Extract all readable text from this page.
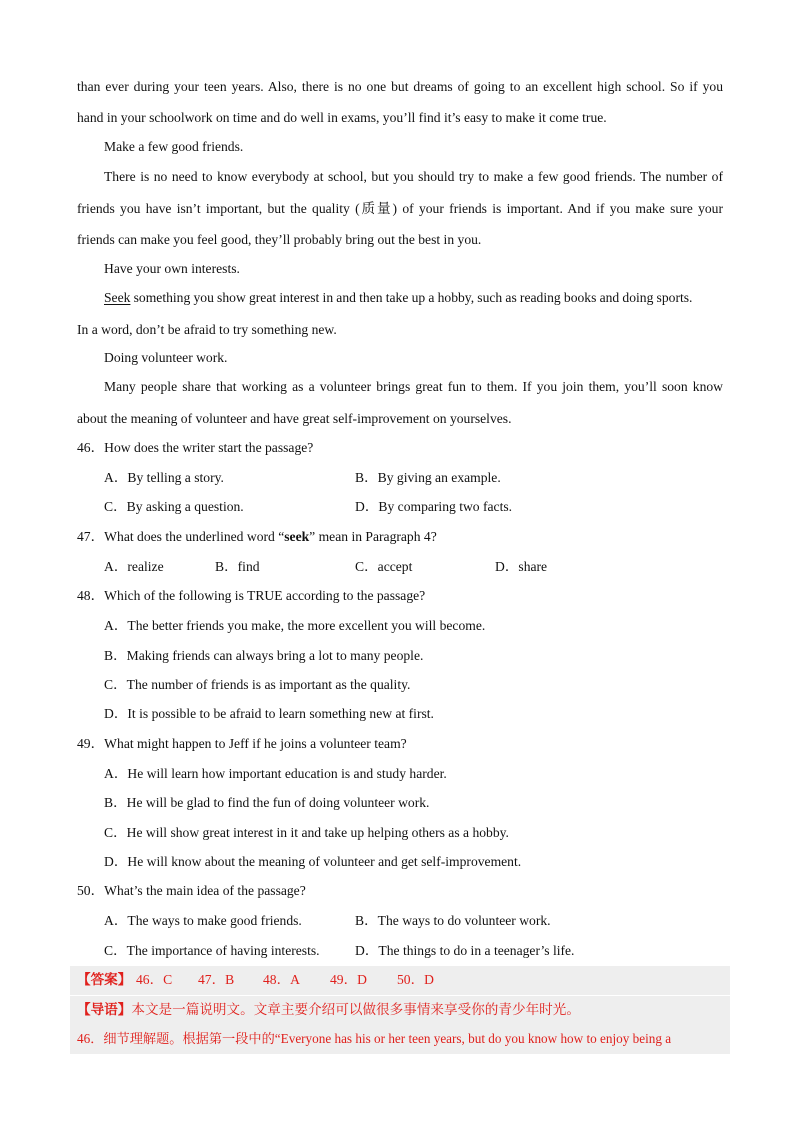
than ever during your teen years. Also, there is no one but dreams of going to an excellent high school. So if you
hand in your schoolwork on time and do well in exams, you’ll find it’s easy to make it come true.
Make a few good friends.
There is no need to know everybody at school, but you should try to make a few good friends. The number of
friends you have isn’t important, but the quality (质量) of your friends is important. And if you make sure your
friends can make you feel good, they’ll probably bring out the best in you.
Have your own interests.
Seek something you show great interest in and then take up a hobby, such as reading books and doing sports.
In a word, don’t be afraid to try something new.
Doing volunteer work.
Many people share that working as a volunteer brings great fun to them. If you join them, you’ll soon know
about the meaning of volunteer and have great self-improvement on yourselves.
46．How does the writer start the passage?
A．By telling a story.	B．By giving an example.
C．By asking a question.	D．By comparing two facts.
47．What does the underlined word “seek” mean in Paragraph 4?
A．realize	B．find	C．accept	D．share
48．Which of the following is TRUE according to the passage?
A．The better friends you make, the more excellent you will become.
B．Making friends can always bring a lot to many people.
C．The number of friends is as important as the quality.
D．It is possible to be afraid to learn something new at first.
49．What might happen to Jeff if he joins a volunteer team?
A．He will learn how important education is and study harder.
B．He will be glad to find the fun of doing volunteer work.
C．He will show great interest in it and take up helping others as a hobby.
D．He will know about the meaning of volunteer and get self-improvement.
50．What’s the main idea of the passage?
A．The ways to make good friends.	B．The ways to do volunteer work.
C．The importance of having interests.	D．The things to do in a teenager’s life.
【答案】 46．C 47．B 48．A 49．D 50．D
【导语】本文是一篇说明文。文章主要介绍可以做很多事情来享受你的青少年时光。
46．细节理解题。根据第一段中的“Everyone has his or her teen years, but do you know how to enjoy being a
